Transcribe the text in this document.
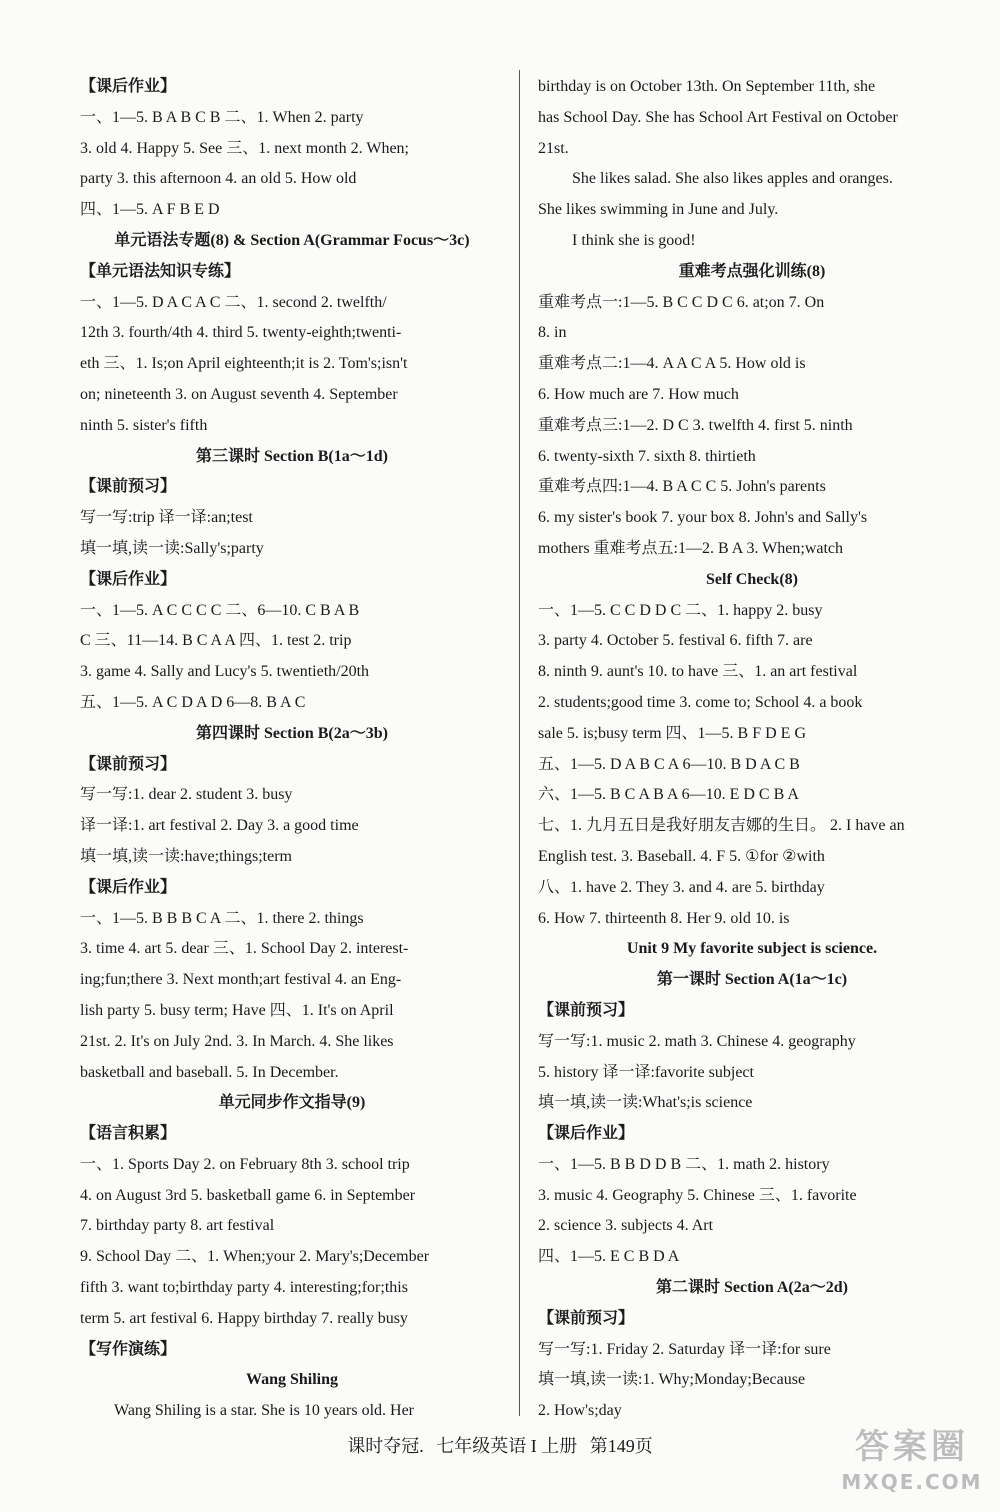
【课后作业】
一、1—5. B A B C B 二、1. When 2. party
3. old 4. Happy 5. See 三、1. next month 2. When;
party 3. this afternoon 4. an old 5. How old
四、1—5. A F B E D
单元语法专题(8) & Section A(Grammar Focus～3c)
【单元语法知识专练】
一、1—5. D A C A C 二、1. second 2. twelfth/
12th 3. fourth/4th 4. third 5. twenty-eighth;twenti-
eth 三、1. Is;on April eighteenth;it is 2. Tom's;isn't
on; nineteenth 3. on August seventh 4. September
ninth 5. sister's fifth
第三课时 Section B(1a～1d)
【课前预习】
写一写:trip 译一译:an;test
填一填,读一读:Sally's;party
【课后作业】
一、1—5. A C C C C 二、6—10. C B A B
C 三、11—14. B C A A 四、1. test 2. trip
3. game 4. Sally and Lucy's 5. twentieth/20th
五、1—5. A C D A D 6—8. B A C
第四课时 Section B(2a～3b)
【课前预习】
写一写:1. dear 2. student 3. busy
译一译:1. art festival 2. Day 3. a good time
填一填,读一读:have;things;term
【课后作业】
一、1—5. B B B C A 二、1. there 2. things
3. time 4. art 5. dear 三、1. School Day 2. interest-
ing;fun;there 3. Next month;art festival 4. an Eng-
lish party 5. busy term; Have 四、1. It's on April
21st. 2. It's on July 2nd. 3. In March. 4. She likes
basketball and baseball. 5. In December.
单元同步作文指导(9)
【语言积累】
一、1. Sports Day 2. on February 8th 3. school trip
4. on August 3rd 5. basketball game 6. in September
7. birthday party 8. art festival
9. School Day 二、1. When;your 2. Mary's;December
fifth 3. want to;birthday party 4. interesting;for;this
term 5. art festival 6. Happy birthday 7. really busy
【写作演练】
Wang Shiling
Wang Shiling is a star. She is 10 years old. Her
birthday is on October 13th. On September 11th, she
has School Day. She has School Art Festival on October
21st.
She likes salad. She also likes apples and oranges.
She likes swimming in June and July.
I think she is good!
重难考点强化训练(8)
重难考点一:1—5. B C C D C 6. at;on 7. On
8. in
重难考点二:1—4. A A C A 5. How old is
6. How much are 7. How much
重难考点三:1—2. D C 3. twelfth 4. first 5. ninth
6. twenty-sixth 7. sixth 8. thirtieth
重难考点四:1—4. B A C C 5. John's parents
6. my sister's book 7. your box 8. John's and Sally's
mothers 重难考点五:1—2. B A 3. When;watch
Self Check(8)
一、1—5. C C D D C 二、1. happy 2. busy
3. party 4. October 5. festival 6. fifth 7. are
8. ninth 9. aunt's 10. to have 三、1. an art festival
2. students;good time 3. come to; School 4. a book
sale 5. is;busy term 四、1—5. B F D E G
五、1—5. D A B C A 6—10. B D A C B
六、1—5. B C A B A 6—10. E D C B A
七、1. 九月五日是我好朋友吉娜的生日。 2. I have an
English test. 3. Baseball. 4. F 5. ①for ②with
八、1. have 2. They 3. and 4. are 5. birthday
6. How 7. thirteenth 8. Her 9. old 10. is
Unit 9 My favorite subject is science.
第一课时 Section A(1a～1c)
【课前预习】
写一写:1. music 2. math 3. Chinese 4. geography
5. history 译一译:favorite subject
填一填,读一读:What's;is science
【课后作业】
一、1—5. B B D D B 二、1. math 2. history
3. music 4. Geography 5. Chinese 三、1. favorite
2. science 3. subjects 4. Art
四、1—5. E C B D A
第二课时 Section A(2a～2d)
【课前预习】
写一写:1. Friday 2. Saturday 译一译:for sure
填一填,读一读:1. Why;Monday;Because
2. How's;day
课时夺冠. 七年级英语 I 上册 第149页	答案圈
MXQE.COM
